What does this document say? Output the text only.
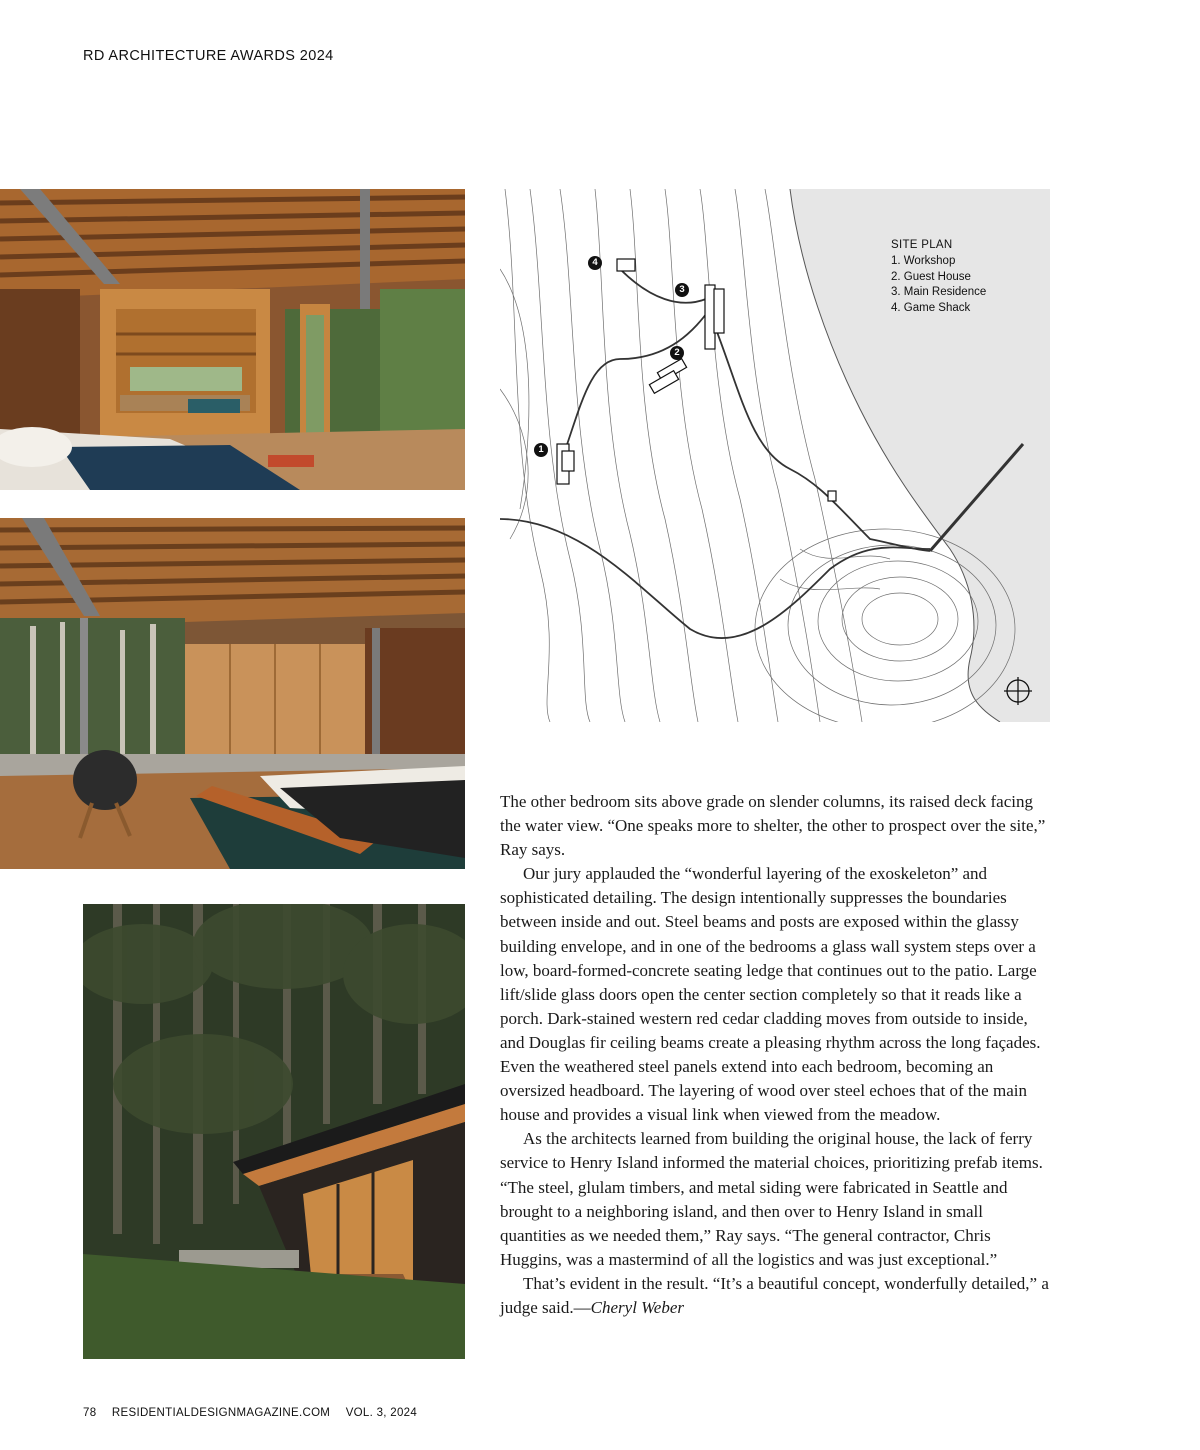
RD ARCHITECTURE AWARDS 2024
1
2
3
4
SITE PLAN
1. Workshop
2. Guest House
3. Main Residence
4. Game Shack

The other bedroom sits above grade on slender columns, its raised deck facing the water view. “One speaks more to shelter, the other to prospect over the site,” Ray says.

Our jury applauded the “wonderful layering of the exoskeleton” and sophisticated detailing. The design intentionally suppresses the boundaries between inside and out. Steel beams and posts are exposed within the glassy building envelope, and in one of the bedrooms a glass wall system steps over a low, board-formed-concrete seating ledge that continues out to the patio. Large lift/slide glass doors open the center section completely so that it reads like a porch. Dark-stained western red cedar cladding moves from outside to inside, and Douglas fir ceiling beams create a pleasing rhythm across the long façades. Even the weathered steel panels extend into each bedroom, becoming an oversized headboard. The layering of wood over steel echoes that of the main house and provides a visual link when viewed from the meadow.

As the architects learned from building the original house, the lack of ferry service to Henry Island informed the material choices, prioritizing prefab items. “The steel, glulam timbers, and metal siding were fabricated in Seattle and brought to a neighboring island, and then over to Henry Island in small quantities as we needed them,” Ray says. “The general contractor, Chris Huggins, was a mastermind of all the logistics and was just exceptional.”

That’s evident in the result. “It’s a beautiful concept, wonderfully detailed,” a judge said.—Cheryl Weber

78 RESIDENTIALDESIGNMAGAZINE.COM VOL. 3, 2024
